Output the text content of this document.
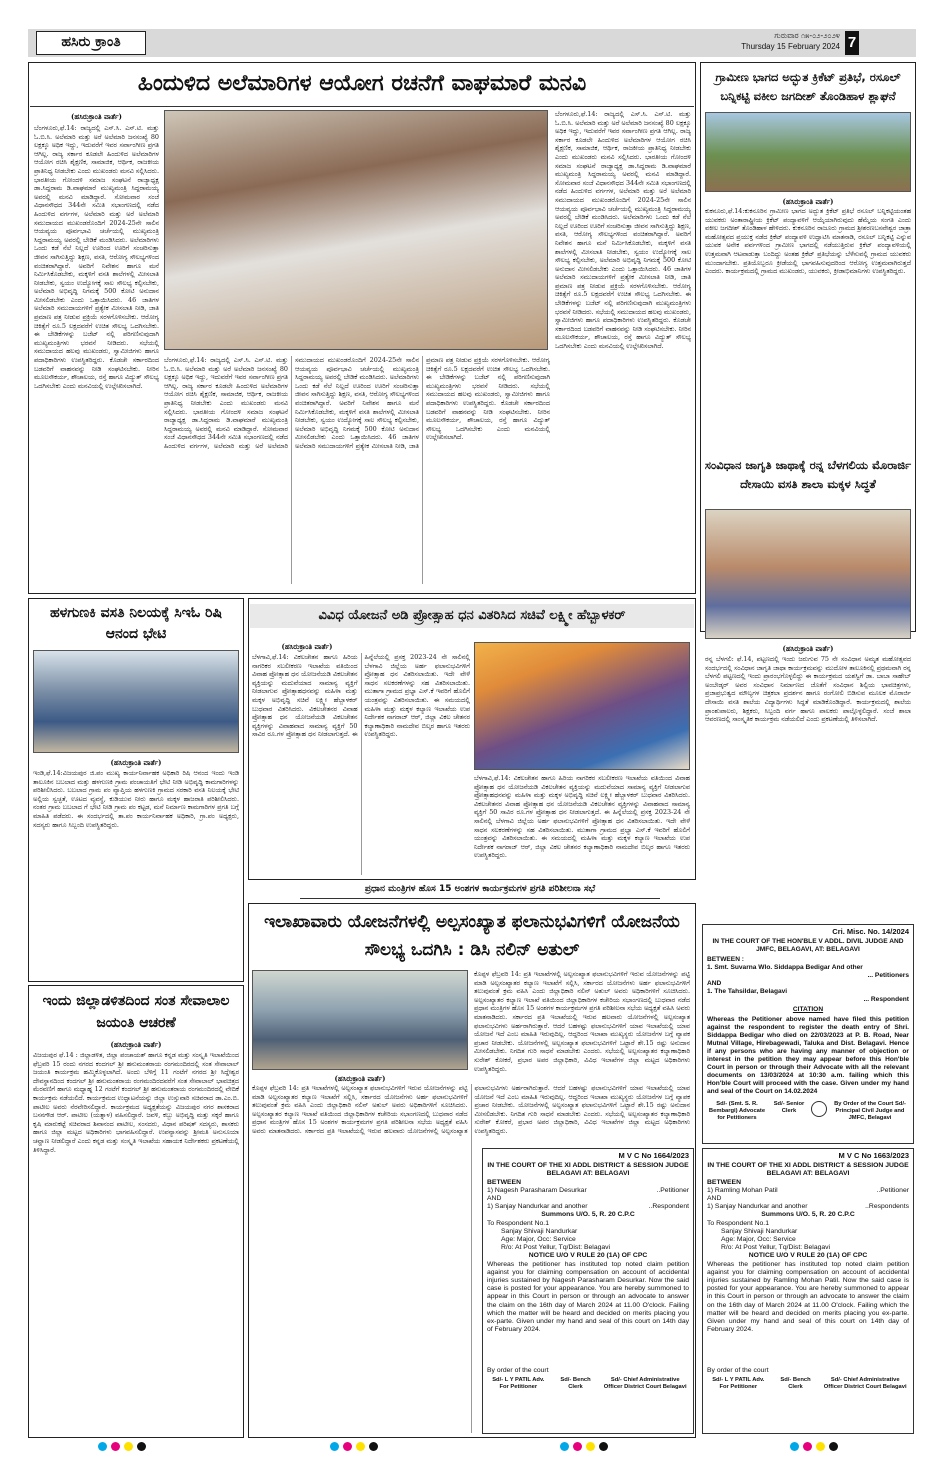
ಹಸಿರು ಕ್ರಾಂತಿ	ಗುರುವಾರ ೧೫-೦೨-೨೦೨೪
Thursday 15 February 2024 7
ಹಿಂದುಳಿದ ಅಲೆಮಾರಿಗಳ ಆಯೋಗ ರಚನೆಗೆ ವಾಘಮಾರೆ ಮನವಿ
(ಹಸಿರುಕ್ರಾಂತಿ ವಾರ್ತೆ)
ಬೆಂಗಳೂರು,ಫೆ.14: ರಾಜ್ಯದಲ್ಲಿ ಎಸ್.ಸಿ. ಎಸ್.ಟಿ. ಮತ್ತು ಓ.ಬಿ.ಸಿ. ಅಲೆಮಾರಿ ಮತ್ತು ಅರೆ ಅಲೆಮಾರಿ ಜನಸಂಖ್ಯೆ 80 ಲಕ್ಷಕ್ಕೂ ಅಧಿಕ ಇದ್ದು, ಇದುವರೆಗೆ ಇವರ ಸರ್ವಾಂಗೀಣ ಪ್ರಗತಿ ಆಗಿಲ್ಲ. ರಾಜ್ಯ ಸರ್ಕಾರ ಕೂಡಲೇ ಹಿಂದುಳಿದ ಅಲೆಮಾರಿಗಳ ಆಯೋಗ ರಚಿಸಿ ಶೈಕ್ಷಣಿಕ, ಸಾಮಾಜಿಕ, ಆರ್ಥಿಕ, ರಾಜಕೀಯ ಪ್ರಾತಿನಿಧ್ಯ ನೀಡಬೇಕು ಎಂದು ಮುಖಂಡರು ಮನವಿ ಸಲ್ಲಿಸಿದರು. ಭಾರತೀಯ ಗೋಂದಳಿ ಸಮಾಜ ಸಂಘಟನೆ ರಾಜ್ಯಾಧ್ಯಕ್ಷ ಡಾ.ಸಿದ್ದರಾಮ ಡಿ.ವಾಘಮಾರೆ ಮುಖ್ಯಮಂತ್ರಿ ಸಿದ್ದರಾಮಯ್ಯ ಅವರಲ್ಲಿ ಮನವಿ ಮಾಡಿದ್ದಾರೆ. ಸೋಮವಾರ ಸಂಜೆ ವಿಧಾನಸೌಧದ 344ನೇ ಸಮಿತಿ ಸಭಾಂಗಣದಲ್ಲಿ ನಡೆದ ಹಿಂದುಳಿದ ವರ್ಗಗಳ, ಅಲೆಮಾರಿ ಮತ್ತು ಅರೆ ಅಲೆಮಾರಿ ಸಮುದಾಯದ ಮುಖಂಡರೊಂದಿಗೆ 2024-25ನೇ ಸಾಲಿನ ಆಯವ್ಯಯ ಪೂರ್ವಭಾವಿ ಚರ್ಚೆಯಲ್ಲಿ ಮುಖ್ಯಮಂತ್ರಿ ಸಿದ್ದರಾಮಯ್ಯ ಅವರಲ್ಲಿ ಬೇಡಿಕೆ ಮಂಡಿಸಿದರು. ಅಲೆಮಾರಿಗಳು ಒಂದು ಕಡೆ ನೆಲೆ ನಿಲ್ಲದೆ ಊರಿಂದ ಊರಿಗೆ ಸಂಚರಿಸುತ್ತಾ ಜೀವನ ಸಾಗಿಸುತ್ತಿದ್ದು ಶಿಕ್ಷಣ, ವಸತಿ, ಆರೋಗ್ಯ ಸೌಲಭ್ಯಗಳಿಂದ ವಂಚಿತರಾಗಿದ್ದಾರೆ. ಅವರಿಗೆ ನಿವೇಶನ ಹಾಗೂ ಮನೆ ನಿರ್ಮಿಸಿಕೊಡಬೇಕು, ಮಕ್ಕಳಿಗೆ ವಸತಿ ಶಾಲೆಗಳಲ್ಲಿ ಮೀಸಲಾತಿ ನೀಡಬೇಕು, ಸ್ವಯಂ ಉದ್ಯೋಗಕ್ಕೆ ಸಾಲ ಸೌಲಭ್ಯ ಕಲ್ಪಿಸಬೇಕು, ಅಲೆಮಾರಿ ಅಭಿವೃದ್ಧಿ ನಿಗಮಕ್ಕೆ 500 ಕೋಟಿ ಅನುದಾನ ಮೀಸಲಿಡಬೇಕು ಎಂದು ಒತ್ತಾಯಿಸಿದರು. 46 ಜಾತಿಗಳ ಅಲೆಮಾರಿ ಸಮುದಾಯಗಳಿಗೆ ಪ್ರತ್ಯೇಕ ಮೀಸಲಾತಿ ನೀಡಿ, ಜಾತಿ ಪ್ರಮಾಣ ಪತ್ರ ನೀಡುವ ಪ್ರಕ್ರಿಯೆ ಸರಳಗೊಳಿಸಬೇಕು. ಆರೋಗ್ಯ ಚಿಕಿತ್ಸೆಗೆ ರೂ.5 ಲಕ್ಷದವರೆಗೆ ಉಚಿತ ಸೌಲಭ್ಯ ಒದಗಿಸಬೇಕು. ಈ ಬೇಡಿಕೆಗಳನ್ನು ಬಜೆಟ್ ನಲ್ಲಿ ಪರಿಗಣಿಸುವುದಾಗಿ ಮುಖ್ಯಮಂತ್ರಿಗಳು ಭರವಸೆ ನೀಡಿದರು. ಸಭೆಯಲ್ಲಿ ಸಮುದಾಯದ ಹಲವು ಮುಖಂಡರು, ಸ್ವಾಮೀಜಿಗಳು ಹಾಗೂ ಪದಾಧಿಕಾರಿಗಳು ಉಪಸ್ಥಿತರಿದ್ದರು. ಕೊಡಚೇ ಸರ್ಕಾರದಿಂದ ಬಡವರಿಗೆ ವಾಹನವನ್ನು ನೀಡಿ ಸಂಘಟಿಸಬೇಕು. ನೀರಿನ ಮೂಲಸೌಕರ್ಯ, ಶೌಚಾಲಯ, ರಸ್ತೆ ಹಾಗೂ ವಿದ್ಯುತ್ ಸೌಲಭ್ಯ ಒದಗಿಸಬೇಕು ಎಂದು ಮನವಿಯಲ್ಲಿ ಉಲ್ಲೇಖಿಸಲಾಗಿದೆ.
ಬೆಂಗಳೂರು,ಫೆ.14: ರಾಜ್ಯದಲ್ಲಿ ಎಸ್.ಸಿ. ಎಸ್.ಟಿ. ಮತ್ತು ಓ.ಬಿ.ಸಿ. ಅಲೆಮಾರಿ ಮತ್ತು ಅರೆ ಅಲೆಮಾರಿ ಜನಸಂಖ್ಯೆ 80 ಲಕ್ಷಕ್ಕೂ ಅಧಿಕ ಇದ್ದು, ಇದುವರೆಗೆ ಇವರ ಸರ್ವಾಂಗೀಣ ಪ್ರಗತಿ ಆಗಿಲ್ಲ. ರಾಜ್ಯ ಸರ್ಕಾರ ಕೂಡಲೇ ಹಿಂದುಳಿದ ಅಲೆಮಾರಿಗಳ ಆಯೋಗ ರಚಿಸಿ ಶೈಕ್ಷಣಿಕ, ಸಾಮಾಜಿಕ, ಆರ್ಥಿಕ, ರಾಜಕೀಯ ಪ್ರಾತಿನಿಧ್ಯ ನೀಡಬೇಕು ಎಂದು ಮುಖಂಡರು ಮನವಿ ಸಲ್ಲಿಸಿದರು. ಭಾರತೀಯ ಗೋಂದಳಿ ಸಮಾಜ ಸಂಘಟನೆ ರಾಜ್ಯಾಧ್ಯಕ್ಷ ಡಾ.ಸಿದ್ದರಾಮ ಡಿ.ವಾಘಮಾರೆ ಮುಖ್ಯಮಂತ್ರಿ ಸಿದ್ದರಾಮಯ್ಯ ಅವರಲ್ಲಿ ಮನವಿ ಮಾಡಿದ್ದಾರೆ. ಸೋಮವಾರ ಸಂಜೆ ವಿಧಾನಸೌಧದ 344ನೇ ಸಮಿತಿ ಸಭಾಂಗಣದಲ್ಲಿ ನಡೆದ ಹಿಂದುಳಿದ ವರ್ಗಗಳ, ಅಲೆಮಾರಿ ಮತ್ತು ಅರೆ ಅಲೆಮಾರಿ ಸಮುದಾಯದ ಮುಖಂಡರೊಂದಿಗೆ 2024-25ನೇ ಸಾಲಿನ ಆಯವ್ಯಯ ಪೂರ್ವಭಾವಿ ಚರ್ಚೆಯಲ್ಲಿ ಮುಖ್ಯಮಂತ್ರಿ ಸಿದ್ದರಾಮಯ್ಯ ಅವರಲ್ಲಿ ಬೇಡಿಕೆ ಮಂಡಿಸಿದರು. ಅಲೆಮಾರಿಗಳು ಒಂದು ಕಡೆ ನೆಲೆ ನಿಲ್ಲದೆ ಊರಿಂದ ಊರಿಗೆ ಸಂಚರಿಸುತ್ತಾ ಜೀವನ ಸಾಗಿಸುತ್ತಿದ್ದು ಶಿಕ್ಷಣ, ವಸತಿ, ಆರೋಗ್ಯ ಸೌಲಭ್ಯಗಳಿಂದ ವಂಚಿತರಾಗಿದ್ದಾರೆ. ಅವರಿಗೆ ನಿವೇಶನ ಹಾಗೂ ಮನೆ ನಿರ್ಮಿಸಿಕೊಡಬೇಕು, ಮಕ್ಕಳಿಗೆ ವಸತಿ ಶಾಲೆಗಳಲ್ಲಿ ಮೀಸಲಾತಿ ನೀಡಬೇಕು, ಸ್ವಯಂ ಉದ್ಯೋಗಕ್ಕೆ ಸಾಲ ಸೌಲಭ್ಯ ಕಲ್ಪಿಸಬೇಕು, ಅಲೆಮಾರಿ ಅಭಿವೃದ್ಧಿ ನಿಗಮಕ್ಕೆ 500 ಕೋಟಿ ಅನುದಾನ ಮೀಸಲಿಡಬೇಕು ಎಂದು ಒತ್ತಾಯಿಸಿದರು. 46 ಜಾತಿಗಳ ಅಲೆಮಾರಿ ಸಮುದಾಯಗಳಿಗೆ ಪ್ರತ್ಯೇಕ ಮೀಸಲಾತಿ ನೀಡಿ, ಜಾತಿ ಪ್ರಮಾಣ ಪತ್ರ ನೀಡುವ ಪ್ರಕ್ರಿಯೆ ಸರಳಗೊಳಿಸಬೇಕು. ಆರೋಗ್ಯ ಚಿಕಿತ್ಸೆಗೆ ರೂ.5 ಲಕ್ಷದವರೆಗೆ ಉಚಿತ ಸೌಲಭ್ಯ ಒದಗಿಸಬೇಕು. ಈ ಬೇಡಿಕೆಗಳನ್ನು ಬಜೆಟ್ ನಲ್ಲಿ ಪರಿಗಣಿಸುವುದಾಗಿ ಮುಖ್ಯಮಂತ್ರಿಗಳು ಭರವಸೆ ನೀಡಿದರು. ಸಭೆಯಲ್ಲಿ ಸಮುದಾಯದ ಹಲವು ಮುಖಂಡರು, ಸ್ವಾಮೀಜಿಗಳು ಹಾಗೂ ಪದಾಧಿಕಾರಿಗಳು ಉಪಸ್ಥಿತರಿದ್ದರು. ಕೊಡಚೇ ಸರ್ಕಾರದಿಂದ ಬಡವರಿಗೆ ವಾಹನವನ್ನು ನೀಡಿ ಸಂಘಟಿಸಬೇಕು. ನೀರಿನ ಮೂಲಸೌಕರ್ಯ, ಶೌಚಾಲಯ, ರಸ್ತೆ ಹಾಗೂ ವಿದ್ಯುತ್ ಸೌಲಭ್ಯ ಒದಗಿಸಬೇಕು ಎಂದು ಮನವಿಯಲ್ಲಿ ಉಲ್ಲೇಖಿಸಲಾಗಿದೆ.
ಬೆಂಗಳೂರು,ಫೆ.14: ರಾಜ್ಯದಲ್ಲಿ ಎಸ್.ಸಿ. ಎಸ್.ಟಿ. ಮತ್ತು ಓ.ಬಿ.ಸಿ. ಅಲೆಮಾರಿ ಮತ್ತು ಅರೆ ಅಲೆಮಾರಿ ಜನಸಂಖ್ಯೆ 80 ಲಕ್ಷಕ್ಕೂ ಅಧಿಕ ಇದ್ದು, ಇದುವರೆಗೆ ಇವರ ಸರ್ವಾಂಗೀಣ ಪ್ರಗತಿ ಆಗಿಲ್ಲ. ರಾಜ್ಯ ಸರ್ಕಾರ ಕೂಡಲೇ ಹಿಂದುಳಿದ ಅಲೆಮಾರಿಗಳ ಆಯೋಗ ರಚಿಸಿ ಶೈಕ್ಷಣಿಕ, ಸಾಮಾಜಿಕ, ಆರ್ಥಿಕ, ರಾಜಕೀಯ ಪ್ರಾತಿನಿಧ್ಯ ನೀಡಬೇಕು ಎಂದು ಮುಖಂಡರು ಮನವಿ ಸಲ್ಲಿಸಿದರು. ಭಾರತೀಯ ಗೋಂದಳಿ ಸಮಾಜ ಸಂಘಟನೆ ರಾಜ್ಯಾಧ್ಯಕ್ಷ ಡಾ.ಸಿದ್ದರಾಮ ಡಿ.ವಾಘಮಾರೆ ಮುಖ್ಯಮಂತ್ರಿ ಸಿದ್ದರಾಮಯ್ಯ ಅವರಲ್ಲಿ ಮನವಿ ಮಾಡಿದ್ದಾರೆ. ಸೋಮವಾರ ಸಂಜೆ ವಿಧಾನಸೌಧದ 344ನೇ ಸಮಿತಿ ಸಭಾಂಗಣದಲ್ಲಿ ನಡೆದ ಹಿಂದುಳಿದ ವರ್ಗಗಳ, ಅಲೆಮಾರಿ ಮತ್ತು ಅರೆ ಅಲೆಮಾರಿ ಸಮುದಾಯದ ಮುಖಂಡರೊಂದಿಗೆ 2024-25ನೇ ಸಾಲಿನ ಆಯವ್ಯಯ ಪೂರ್ವಭಾವಿ ಚರ್ಚೆಯಲ್ಲಿ ಮುಖ್ಯಮಂತ್ರಿ ಸಿದ್ದರಾಮಯ್ಯ ಅವರಲ್ಲಿ ಬೇಡಿಕೆ ಮಂಡಿಸಿದರು. ಅಲೆಮಾರಿಗಳು ಒಂದು ಕಡೆ ನೆಲೆ ನಿಲ್ಲದೆ ಊರಿಂದ ಊರಿಗೆ ಸಂಚರಿಸುತ್ತಾ ಜೀವನ ಸಾಗಿಸುತ್ತಿದ್ದು ಶಿಕ್ಷಣ, ವಸತಿ, ಆರೋಗ್ಯ ಸೌಲಭ್ಯಗಳಿಂದ ವಂಚಿತರಾಗಿದ್ದಾರೆ. ಅವರಿಗೆ ನಿವೇಶನ ಹಾಗೂ ಮನೆ ನಿರ್ಮಿಸಿಕೊಡಬೇಕು, ಮಕ್ಕಳಿಗೆ ವಸತಿ ಶಾಲೆಗಳಲ್ಲಿ ಮೀಸಲಾತಿ ನೀಡಬೇಕು, ಸ್ವಯಂ ಉದ್ಯೋಗಕ್ಕೆ ಸಾಲ ಸೌಲಭ್ಯ ಕಲ್ಪಿಸಬೇಕು, ಅಲೆಮಾರಿ ಅಭಿವೃದ್ಧಿ ನಿಗಮಕ್ಕೆ 500 ಕೋಟಿ ಅನುದಾನ ಮೀಸಲಿಡಬೇಕು ಎಂದು ಒತ್ತಾಯಿಸಿದರು. 46 ಜಾತಿಗಳ ಅಲೆಮಾರಿ ಸಮುದಾಯಗಳಿಗೆ ಪ್ರತ್ಯೇಕ ಮೀಸಲಾತಿ ನೀಡಿ, ಜಾತಿ ಪ್ರಮಾಣ ಪತ್ರ ನೀಡುವ ಪ್ರಕ್ರಿಯೆ ಸರಳಗೊಳಿಸಬೇಕು. ಆರೋಗ್ಯ ಚಿಕಿತ್ಸೆಗೆ ರೂ.5 ಲಕ್ಷದವರೆಗೆ ಉಚಿತ ಸೌಲಭ್ಯ ಒದಗಿಸಬೇಕು. ಈ ಬೇಡಿಕೆಗಳನ್ನು ಬಜೆಟ್ ನಲ್ಲಿ ಪರಿಗಣಿಸುವುದಾಗಿ ಮುಖ್ಯಮಂತ್ರಿಗಳು ಭರವಸೆ ನೀಡಿದರು. ಸಭೆಯಲ್ಲಿ ಸಮುದಾಯದ ಹಲವು ಮುಖಂಡರು, ಸ್ವಾಮೀಜಿಗಳು ಹಾಗೂ ಪದಾಧಿಕಾರಿಗಳು ಉಪಸ್ಥಿತರಿದ್ದರು. ಕೊಡಚೇ ಸರ್ಕಾರದಿಂದ ಬಡವರಿಗೆ ವಾಹನವನ್ನು ನೀಡಿ ಸಂಘಟಿಸಬೇಕು. ನೀರಿನ ಮೂಲಸೌಕರ್ಯ, ಶೌಚಾಲಯ, ರಸ್ತೆ ಹಾಗೂ ವಿದ್ಯುತ್ ಸೌಲಭ್ಯ ಒದಗಿಸಬೇಕು ಎಂದು ಮನವಿಯಲ್ಲಿ ಉಲ್ಲೇಖಿಸಲಾಗಿದೆ.
ಗ್ರಾಮೀಣ ಭಾಗದ ಅದ್ಭುತ ಕ್ರಿಕೆಟ್ ಪ್ರತಿಭೆ, ರಸೂಲ್ ಬನ್ನಿಕಟ್ಟಿ ವಕೀಲ ಜಗದೀಶ್ ತೊಂಡಿಹಾಳ ಶ್ಲಾಘನೆ
(ಹಸಿರುಕ್ರಾಂತಿ ವಾರ್ತೆ)
ಕುಕನೂರು,ಫೆ.14:ಕುಕನೂರಿನ ಗ್ರಾಮೀಣ ಭಾಗದ ಅದ್ಭುತ ಕ್ರಿಕೆಟ್ ಪ್ರತಿಭೆ ರಸೂಲ್ ಬನ್ನಿಕಟ್ಟಿಯಂತಹ ಯುವಕರು ಅಂತಾರಾಷ್ಟ್ರೀಯ ಕ್ರಿಕೆಟ್ ಪಂದ್ಯಾವಳಿಗೆ ಆಯ್ಕೆಯಾಗಿರುವುದು ಹೆಮ್ಮೆಯ ಸಂಗತಿ ಎಂದು ವಕೀಲ ಜಗದೀಶ್ ತೊಂಡಿಹಾಳ ಹೇಳಿದರು. ಕುಕನೂರಿನ ರಾಜೂರು ಗ್ರಾಮದ ಶ್ರೀಶರಣಬಸವೇಶ್ವರ ಜಾತ್ರಾ ಮಹೋತ್ಸವದ ಪ್ರಯುಕ್ತ ನಡೆದ ಕ್ರಿಕೆಟ್ ಪಂದ್ಯಾವಳಿ ಉದ್ಘಾಟಿಸಿ ಮಾತನಾಡಿ, ರಸೂಲ್ ಬನ್ನಿಕಟ್ಟಿ ಎನ್ನುವ ಯುವಕ ಅನೇಕ ಪರ್ವಗಳಿಂದ ಗ್ರಾಮೀಣ ಭಾಗದಲ್ಲಿ ನಡೆಯುತ್ತಿರುವ ಕ್ರಿಕೆಟ್ ಪಂದ್ಯಾವಳಿಯಲ್ಲಿ ಉತ್ತಮವಾಗಿ ಆಟವಾಡುತ್ತಾ ಬಂದಿದ್ದು ಅಂತಹ ಕ್ರಿಕೆಟ್ ಪ್ರತಿಭೆಯನ್ನು ಬೆಳೆಸುವಲ್ಲಿ ಗ್ರಾಮದ ಯುವಕರು ಮುಂದಾಗಬೇಕು. ಪ್ರತಿಯೊಬ್ಬರೂ ಕ್ರೀಡೆಯಲ್ಲಿ ಭಾಗವಹಿಸುವುದರಿಂದ ಆರೋಗ್ಯ ಉತ್ತಮವಾಗಿರುತ್ತದೆ ಎಂದರು. ಕಾರ್ಯಕ್ರಮದಲ್ಲಿ ಗ್ರಾಮದ ಮುಖಂಡರು, ಯುವಕರು, ಕ್ರೀಡಾಭಿಮಾನಿಗಳು ಉಪಸ್ಥಿತರಿದ್ದರು.
ಸಂವಿಧಾನ ಜಾಗೃತಿ ಜಾಥಾಕ್ಕೆ ರನ್ನ ಬೆಳಗಲಿಯ ಮೊರಾರ್ಜಿ ದೇಸಾಯಿ ವಸತಿ ಶಾಲಾ ಮಕ್ಕಳ ಸಿದ್ಧತೆ
(ಹಸಿರುಕ್ರಾಂತಿ ವಾರ್ತೆ)
ರನ್ನ ಬೆಳಗಲಿ: ಫೆ.14, ಪಟ್ಟಣದಲ್ಲಿ ಇಂದು ಜರುಗುವ 75 ನೇ ಸಂವಿಧಾನ ಅಮೃತ ಮಹೋತ್ಸವದ ಸಂದರ್ಭದಲ್ಲಿ ಸಂವಿಧಾನ ಜಾಗೃತಿ ಜಾಥಾ ಕಾರ್ಯಕ್ರಮವನ್ನು ಮುದೋಳ ತಾಲೂಕಿನಲ್ಲಿ ಪ್ರಥಮವಾಗಿ ರನ್ನ ಬೆಳಗಲಿ ಪಟ್ಟಣದಲ್ಲಿ ಇಂದು ಪ್ರಾರಂಭಗೊಳ್ಳಲಿದ್ದು ಈ ಕಾರ್ಯಕ್ರಮದ ಯಶಸ್ವಿಗೆ ಡಾ. ಬಾಬಾ ಸಾಹೇಬ್ ಅಂಬೇಡ್ಕರ್ ಅವರ ಸಂವಿಧಾನ ನಿರ್ಮಾಣದ ಜೊತೆಗೆ ಸಂವಿಧಾನ ಶಿಲ್ಪಿಯ ಭಾವಚಿತ್ರಗಳು, ಪ್ರಜಾಪ್ರಭುತ್ವದ ಮೌಲ್ಯಗಳ ಚಿತ್ರಕಲಾ ಪ್ರದರ್ಶನ ಹಾಗೂ ರಂಗೋಲಿ ಬಿಡಿಸುವ ಮೂಲಕ ಮೊರಾರ್ಜಿ ದೇಸಾಯಿ ವಸತಿ ಶಾಲೆಯ ವಿದ್ಯಾರ್ಥಿಗಳು ಸಿದ್ಧತೆ ಮಾಡಿಕೊಂಡಿದ್ದಾರೆ. ಕಾರ್ಯಕ್ರಮದಲ್ಲಿ ಶಾಲೆಯ ಪ್ರಾಂಶುಪಾಲರು, ಶಿಕ್ಷಕರು, ಸಿಬ್ಬಂದಿ ವರ್ಗ ಹಾಗೂ ಪಾಲಕರು ಪಾಲ್ಗೊಳ್ಳಲಿದ್ದಾರೆ. ಸಂಜೆ ಶಾಲಾ ಆವರಣದಲ್ಲಿ ಸಾಂಸ್ಕೃತಿಕ ಕಾರ್ಯಕ್ರಮ ನಡೆಯಲಿದೆ ಎಂದು ಪ್ರಕಟಣೆಯಲ್ಲಿ ತಿಳಿಸಲಾಗಿದೆ.
ಹಳಗುಣಕಿ ವಸತಿ ನಿಲಯಕ್ಕೆ ಸಿಇಓ ರಿಷಿ ಆನಂದ ಭೇಟಿ
(ಹಸಿರುಕ್ರಾಂತಿ ವಾರ್ತೆ)
ಇಂಡಿ,ಫೆ.14:ವಿಜಯಪುರ ಜಿ.ಪಂ ಮುಖ್ಯ ಕಾರ್ಯನಿರ್ವಾಹಕ ಅಧಿಕಾರಿ ರಿಷಿ ಆನಂದ ಇಂದು ಇಂಡಿ ತಾಲೂಕಿನ ಬಬಲಾದ ಮತ್ತು ಹಳಗುಣಕಿ ಗ್ರಾಮ ಪಂಚಾಯತಿಗೆ ಭೇಟಿ ನೀಡಿ ಅಭಿವೃದ್ಧಿ ಕಾಮಗಾರಿಗಳನ್ನು ಪರಿಶೀಲಿಸಿದರು. ಬಬಲಾದ ಗ್ರಾಮ ಪಂ ವ್ಯಾಪ್ತಿಯ ಹಳಗುಣಕಿ ಗ್ರಾಮದ ಸರಕಾರಿ ವಸತಿ ನಿಲಯಕ್ಕೆ ಭೇಟಿ ಅಲ್ಲಿಯ ಸ್ವಚ್ಛತೆ, ಊಟದ ವ್ಯವಸ್ಥೆ, ಕುಡಿಯುವ ನೀರು ಹಾಗೂ ಮಕ್ಕಳ ಹಾಜರಾತಿ ಪರಿಶೀಲಿಸಿದರು. ನಂತರ ಗ್ರಾಮ ಬಬಲಾದ ಗೆ ಭೇಟಿ ನೀಡಿ ಗ್ರಾಮ ಪಂ ಕಟ್ಟಡ, ಮನೆ ನಿರ್ಮಾಣ ಕಾಮಗಾರಿಗಳ ಪ್ರಗತಿ ಬಗ್ಗೆ ಮಾಹಿತಿ ಪಡೆದರು. ಈ ಸಂದರ್ಭದಲ್ಲಿ ತಾ.ಪಂ ಕಾರ್ಯನಿರ್ವಾಹಕ ಅಧಿಕಾರಿ, ಗ್ರಾ.ಪಂ ಅಧ್ಯಕ್ಷರು, ಸದಸ್ಯರು ಹಾಗೂ ಸಿಬ್ಬಂದಿ ಉಪಸ್ಥಿತರಿದ್ದರು.
ಇಂದು ಜಿಲ್ಲಾಡಳಿತದಿಂದ ಸಂತ ಸೇವಾಲಾಲ ಜಯಂತಿ ಆಚರಣೆ
(ಹಸಿರುಕ್ರಾಂತಿ ವಾರ್ತೆ)
ವಿಜಯಪುರ ಫೆ.14 : ಜಿಲ್ಲಾಡಳಿತ, ಜಿಲ್ಲಾ ಪಂಚಾಯತ್ ಹಾಗೂ ಕನ್ನಡ ಮತ್ತು ಸಂಸ್ಕೃತಿ ಇಲಾಖೆಯಿಂದ ಫೆಬ್ರವರಿ 15 ರಂದು ನಗರದ ಕಂದಗಲ್ ಶ್ರೀ ಹನುಮಂತರಾಯ ರಂಗಮಂದಿರದಲ್ಲಿ ಸಂತ ಸೇವಾಲಾಲ್ ಜಯಂತಿ ಕಾರ್ಯಕ್ರಮ ಹಮ್ಮಿಕೊಳ್ಳಲಾಗಿದೆ. ಅಂದು ಬೆಳಿಗ್ಗೆ 11 ಗಂಟೆಗೆ ನಗರದ ಶ್ರೀ ಸಿದ್ದೇಶ್ವರ ದೇವಸ್ಥಾನದಿಂದ ಕಂದಗಲ್ ಶ್ರೀ ಹನುಮಂತರಾಯ ರಂಗಮಂದಿರದವರೆಗೆ ಸಂತ ಸೇವಾಲಾಲ್ ಭಾವಚಿತ್ರದ ಮೆರವಣಿಗೆ ಹಾಗೂ ಮಧ್ಯಾಹ್ನ 12 ಗಂಟೆಗೆ ಕಂದಗಲ್ ಶ್ರೀ ಹನುಮಂತರಾಯ ರಂಗಮಂದಿರದಲ್ಲಿ ವೇದಿಕೆ ಕಾರ್ಯಕ್ರಮ ನಡೆಯಲಿದೆ. ಕಾರ್ಯಕ್ರಮದ ಉದ್ಘಾಟನೆಯನ್ನು ಜಿಲ್ಲಾ ಉಸ್ತುವಾರಿ ಸಚಿವರಾದ ಡಾ.ಎಂ.ಬಿ. ಪಾಟೀಲ ಅವರು ನೆರವೇರಿಸಲಿದ್ದಾರೆ. ಕಾರ್ಯಕ್ರಮದ ಅಧ್ಯಕ್ಷತೆಯನ್ನು ವಿಜಯಪುರ ನಗರ ಶಾಸಕರಾದ ಬಸನಗೌಡ ಆರ್. ಪಾಟೀಲ (ಯತ್ನಾಳ) ವಹಿಸಲಿದ್ದಾರೆ. ಜವಳಿ, ಕಬ್ಬು ಅಭಿವೃದ್ಧಿ ಮತ್ತು ಸಕ್ಕರೆ ಹಾಗೂ ಕೃಷಿ ಮಾರುಕಟ್ಟೆ ಸಚಿವರಾದ ಶಿವಾನಂದ ಪಾಟೀಲ, ಸಂಸದರು, ವಿಧಾನ ಪರಿಷತ್ ಸದಸ್ಯರು, ಶಾಸಕರು ಹಾಗೂ ಜಿಲ್ಲಾ ಮಟ್ಟದ ಅಧಿಕಾರಿಗಳು ಭಾಗವಹಿಸಲಿದ್ದಾರೆ. ಉಪನ್ಯಾಸವನ್ನು ಶ್ರೀಮತಿ ಅನುಸೂಯಾ ಚವ್ಹಾಣ ನೀಡಲಿದ್ದಾರೆ ಎಂದು ಕನ್ನಡ ಮತ್ತು ಸಂಸ್ಕೃತಿ ಇಲಾಖೆಯ ಸಹಾಯಕ ನಿರ್ದೇಶಕರು ಪ್ರಕಟಣೆಯಲ್ಲಿ ತಿಳಿಸಿದ್ದಾರೆ.
ವಿವಿಧ ಯೋಜನೆ ಅಡಿ ಪ್ರೋತ್ಸಾಹ ಧನ ವಿತರಿಸಿದ ಸಚಿವೆ ಲಕ್ಷ್ಮೀ ಹೆಬ್ಬಾಳಕರ್
(ಹಸಿರುಕ್ರಾಂತಿ ವಾರ್ತೆ)
ಬೆಳಗಾವಿ,ಫೆ.14: ವಿಕಲಚೇತನ ಹಾಗೂ ಹಿರಿಯ ನಾಗರಿಕರ ಸಬಲೀಕರಣ ಇಲಾಖೆಯ ವತಿಯಿಂದ ವಿವಾಹ ಪ್ರೋತ್ಸಾಹ ಧನ ಯೋಜನೆಯಡಿ ವಿಕಲಚೇತನ ವ್ಯಕ್ತಿಯನ್ನು ಮದುವೆಯಾದ ಸಾಮಾನ್ಯ ವ್ಯಕ್ತಿಗೆ ನೀಡಲಾಗುವ ಪ್ರೋತ್ಸಾಹಧನವನ್ನು ಮಹಿಳಾ ಮತ್ತು ಮಕ್ಕಳ ಅಭಿವೃದ್ಧಿ ಸಚಿವೆ ಲಕ್ಷ್ಮೀ ಹೆಬ್ಬಾಳಕರ್ ಬುಧವಾರ ವಿತರಿಸಿದರು. ವಿಕಲಚೇತನರ ವಿವಾಹ ಪ್ರೋತ್ಸಾಹ ಧನ ಯೋಜನೆಯಡಿ ವಿಕಲಚೇತನ ವ್ಯಕ್ತಿಗಳನ್ನು ವಿವಾಹವಾದ ಸಾಮಾನ್ಯ ವ್ಯಕ್ತಿಗೆ 50 ಸಾವಿರ ರೂ.ಗಳ ಪ್ರೋತ್ಸಾಹ ಧನ ನೀಡಲಾಗುತ್ತದೆ. ಈ ಹಿನ್ನೆಲೆಯಲ್ಲಿ ಪ್ರಸಕ್ತ 2023-24 ನೇ ಸಾಲಿನಲ್ಲಿ ಬೆಳಗಾವಿ ಜಿಲ್ಲೆಯ ಅರ್ಹ ಫಲಾನುಭವಿಗಳಿಗೆ ಪ್ರೋತ್ಸಾಹ ಧನ ವಿತರಿಸಲಾಯಿತು. ಇದೇ ವೇಳೆ ಸಾಧನ ಸಲಕರಣೆಗಳನ್ನು ಸಹ ವಿತರಿಸಲಾಯಿತು. ಮುತಾಗಾ ಗ್ರಾಮದ ಪ್ರಭ್ಯಾ ಎಸ್.ಕೆ ಇವರಿಗೆ ಹೊಲಿಗೆ ಯಂತ್ರವನ್ನು ವಿತರಿಸಲಾಯಿತು. ಈ ಸಮಯದಲ್ಲಿ ಮಹಿಳಾ ಮತ್ತು ಮಕ್ಕಳ ಕಲ್ಯಾಣ ಇಲಾಖೆಯ ಉಪ ನಿರ್ದೇಶಕ ನಾಗರಾಜ್ ಆರ್, ಜಿಲ್ಲಾ ವಿಕಲ ಚೇತನರ ಕಲ್ಯಾಣಾಧಿಕಾರಿ ನಾಮದೇವ ಬಿಲ್ಕರ ಹಾಗೂ ಇತರರು ಉಪಸ್ಥಿತರಿದ್ದರು.
ಬೆಳಗಾವಿ,ಫೆ.14: ವಿಕಲಚೇತನ ಹಾಗೂ ಹಿರಿಯ ನಾಗರಿಕರ ಸಬಲೀಕರಣ ಇಲಾಖೆಯ ವತಿಯಿಂದ ವಿವಾಹ ಪ್ರೋತ್ಸಾಹ ಧನ ಯೋಜನೆಯಡಿ ವಿಕಲಚೇತನ ವ್ಯಕ್ತಿಯನ್ನು ಮದುವೆಯಾದ ಸಾಮಾನ್ಯ ವ್ಯಕ್ತಿಗೆ ನೀಡಲಾಗುವ ಪ್ರೋತ್ಸಾಹಧನವನ್ನು ಮಹಿಳಾ ಮತ್ತು ಮಕ್ಕಳ ಅಭಿವೃದ್ಧಿ ಸಚಿವೆ ಲಕ್ಷ್ಮೀ ಹೆಬ್ಬಾಳಕರ್ ಬುಧವಾರ ವಿತರಿಸಿದರು. ವಿಕಲಚೇತನರ ವಿವಾಹ ಪ್ರೋತ್ಸಾಹ ಧನ ಯೋಜನೆಯಡಿ ವಿಕಲಚೇತನ ವ್ಯಕ್ತಿಗಳನ್ನು ವಿವಾಹವಾದ ಸಾಮಾನ್ಯ ವ್ಯಕ್ತಿಗೆ 50 ಸಾವಿರ ರೂ.ಗಳ ಪ್ರೋತ್ಸಾಹ ಧನ ನೀಡಲಾಗುತ್ತದೆ. ಈ ಹಿನ್ನೆಲೆಯಲ್ಲಿ ಪ್ರಸಕ್ತ 2023-24 ನೇ ಸಾಲಿನಲ್ಲಿ ಬೆಳಗಾವಿ ಜಿಲ್ಲೆಯ ಅರ್ಹ ಫಲಾನುಭವಿಗಳಿಗೆ ಪ್ರೋತ್ಸಾಹ ಧನ ವಿತರಿಸಲಾಯಿತು. ಇದೇ ವೇಳೆ ಸಾಧನ ಸಲಕರಣೆಗಳನ್ನು ಸಹ ವಿತರಿಸಲಾಯಿತು. ಮುತಾಗಾ ಗ್ರಾಮದ ಪ್ರಭ್ಯಾ ಎಸ್.ಕೆ ಇವರಿಗೆ ಹೊಲಿಗೆ ಯಂತ್ರವನ್ನು ವಿತರಿಸಲಾಯಿತು. ಈ ಸಮಯದಲ್ಲಿ ಮಹಿಳಾ ಮತ್ತು ಮಕ್ಕಳ ಕಲ್ಯಾಣ ಇಲಾಖೆಯ ಉಪ ನಿರ್ದೇಶಕ ನಾಗರಾಜ್ ಆರ್, ಜಿಲ್ಲಾ ವಿಕಲ ಚೇತನರ ಕಲ್ಯಾಣಾಧಿಕಾರಿ ನಾಮದೇವ ಬಿಲ್ಕರ ಹಾಗೂ ಇತರರು ಉಪಸ್ಥಿತರಿದ್ದರು.
ಪ್ರಧಾನ ಮಂತ್ರಿಗಳ ಹೊಸ 15 ಅಂಶಗಳ ಕಾರ್ಯಕ್ರಮಗಳ ಪ್ರಗತಿ ಪರಿಶೀಲನಾ ಸಭೆ
ಇಲಾಖಾವಾರು ಯೋಜನೆಗಳಲ್ಲಿ ಅಲ್ಪಸಂಖ್ಯಾತ ಫಲಾನುಭವಿಗಳಿಗೆ ಯೋಜನೆಯ ಸೌಲಭ್ಯ ಒದಗಿಸಿ : ಡಿಸಿ ನಲಿನ್ ಅತುಲ್
(ಹಸಿರುಕ್ರಾಂತಿ ವಾರ್ತೆ)
ಕೊಪ್ಪಳ ಫೆಬ್ರವರಿ 14: ಪ್ರತಿ ಇಲಾಖೆಗಳಲ್ಲಿ ಅಲ್ಪಸಂಖ್ಯಾತ ಫಲಾನುಭವಿಗಳಿಗೆ ಇರುವ ಯೋಜನೆಗಳನ್ನು ಪಟ್ಟಿ ಮಾಡಿ ಅಲ್ಪಸಂಖ್ಯಾತರ ಕಲ್ಯಾಣ ಇಲಾಖೆಗೆ ಸಲ್ಲಿಸಿ, ಸರ್ಕಾರದ ಯೋಜನೆಗಳು ಅರ್ಹ ಫಲಾನುಭವಿಗಳಿಗೆ ತಲುಪುವಂತೆ ಕ್ರಮ ವಹಿಸಿ ಎಂದು ಜಿಲ್ಲಾಧಿಕಾರಿ ನಲಿನ್ ಅತುಲ್ ಅವರು ಅಧಿಕಾರಿಗಳಿಗೆ ಸೂಚಿಸಿದರು. ಅಲ್ಪಸಂಖ್ಯಾತರ ಕಲ್ಯಾಣ ಇಲಾಖೆ ವತಿಯಿಂದ ಜಿಲ್ಲಾಧಿಕಾರಿಗಳ ಕಚೇರಿಯ ಸಭಾಂಗಣದಲ್ಲಿ ಬುಧವಾರ ನಡೆದ ಪ್ರಧಾನ ಮಂತ್ರಿಗಳ ಹೊಸ 15 ಅಂಶಗಳ ಕಾರ್ಯಕ್ರಮಗಳ ಪ್ರಗತಿ ಪರಿಶೀಲನಾ ಸಭೆಯ ಅಧ್ಯಕ್ಷತೆ ವಹಿಸಿ ಅವರು ಮಾತನಾಡಿದರು. ಸರ್ಕಾರದ ಪ್ರತಿ ಇಲಾಖೆಯಲ್ಲಿ ಇರುವ ಹಲವಾರು ಯೋಜನೆಗಳಲ್ಲಿ ಅಲ್ಪಸಂಖ್ಯಾತ ಫಲಾನುಭವಿಗಳು ಅರ್ಹರಾಗಿರುತ್ತಾರೆ. ಆದರೆ ಬಹಳಷ್ಟು ಫಲಾನುಭವಿಗಳಿಗೆ ಯಾವ ಇಲಾಖೆಯಲ್ಲಿ ಯಾವ ಯೋಜನೆ ಇದೆ ಎಂಬ ಮಾಹಿತಿ ಇರುವುದಿಲ್ಲ. ಆದ್ದರಿಂದ ಇಲಾಖಾ ಮುಖ್ಯಸ್ಥರು ಯೋಜನೆಗಳ ಬಗ್ಗೆ ವ್ಯಾಪಕ ಪ್ರಚಾರ ನೀಡಬೇಕು. ಯೋಜನೆಗಳಲ್ಲಿ ಅಲ್ಪಸಂಖ್ಯಾತ ಫಲಾನುಭವಿಗಳಿಗೆ ಒಟ್ಟಾರೆ ಶೇ.15 ರಷ್ಟು ಅನುದಾನ ಮೀಸಲಿಡಬೇಕು. ನಿಗದಿತ ಗುರಿ ಸಾಧನೆ ಮಾಡಬೇಕು ಎಂದರು. ಸಭೆಯಲ್ಲಿ ಅಲ್ಪಸಂಖ್ಯಾತರ ಕಲ್ಯಾಣಾಧಿಕಾರಿ ಸುರೇಶ್ ಕೋಕರೆ, ಪ್ರಭಾರ ಅಪರ ಜಿಲ್ಲಾಧಿಕಾರಿ, ವಿವಿಧ ಇಲಾಖೆಗಳ ಜಿಲ್ಲಾ ಮಟ್ಟದ ಅಧಿಕಾರಿಗಳು ಉಪಸ್ಥಿತರಿದ್ದರು.
ಕೊಪ್ಪಳ ಫೆಬ್ರವರಿ 14: ಪ್ರತಿ ಇಲಾಖೆಗಳಲ್ಲಿ ಅಲ್ಪಸಂಖ್ಯಾತ ಫಲಾನುಭವಿಗಳಿಗೆ ಇರುವ ಯೋಜನೆಗಳನ್ನು ಪಟ್ಟಿ ಮಾಡಿ ಅಲ್ಪಸಂಖ್ಯಾತರ ಕಲ್ಯಾಣ ಇಲಾಖೆಗೆ ಸಲ್ಲಿಸಿ, ಸರ್ಕಾರದ ಯೋಜನೆಗಳು ಅರ್ಹ ಫಲಾನುಭವಿಗಳಿಗೆ ತಲುಪುವಂತೆ ಕ್ರಮ ವಹಿಸಿ ಎಂದು ಜಿಲ್ಲಾಧಿಕಾರಿ ನಲಿನ್ ಅತುಲ್ ಅವರು ಅಧಿಕಾರಿಗಳಿಗೆ ಸೂಚಿಸಿದರು. ಅಲ್ಪಸಂಖ್ಯಾತರ ಕಲ್ಯಾಣ ಇಲಾಖೆ ವತಿಯಿಂದ ಜಿಲ್ಲಾಧಿಕಾರಿಗಳ ಕಚೇರಿಯ ಸಭಾಂಗಣದಲ್ಲಿ ಬುಧವಾರ ನಡೆದ ಪ್ರಧಾನ ಮಂತ್ರಿಗಳ ಹೊಸ 15 ಅಂಶಗಳ ಕಾರ್ಯಕ್ರಮಗಳ ಪ್ರಗತಿ ಪರಿಶೀಲನಾ ಸಭೆಯ ಅಧ್ಯಕ್ಷತೆ ವಹಿಸಿ ಅವರು ಮಾತನಾಡಿದರು. ಸರ್ಕಾರದ ಪ್ರತಿ ಇಲಾಖೆಯಲ್ಲಿ ಇರುವ ಹಲವಾರು ಯೋಜನೆಗಳಲ್ಲಿ ಅಲ್ಪಸಂಖ್ಯಾತ ಫಲಾನುಭವಿಗಳು ಅರ್ಹರಾಗಿರುತ್ತಾರೆ. ಆದರೆ ಬಹಳಷ್ಟು ಫಲಾನುಭವಿಗಳಿಗೆ ಯಾವ ಇಲಾಖೆಯಲ್ಲಿ ಯಾವ ಯೋಜನೆ ಇದೆ ಎಂಬ ಮಾಹಿತಿ ಇರುವುದಿಲ್ಲ. ಆದ್ದರಿಂದ ಇಲಾಖಾ ಮುಖ್ಯಸ್ಥರು ಯೋಜನೆಗಳ ಬಗ್ಗೆ ವ್ಯಾಪಕ ಪ್ರಚಾರ ನೀಡಬೇಕು. ಯೋಜನೆಗಳಲ್ಲಿ ಅಲ್ಪಸಂಖ್ಯಾತ ಫಲಾನುಭವಿಗಳಿಗೆ ಒಟ್ಟಾರೆ ಶೇ.15 ರಷ್ಟು ಅನುದಾನ ಮೀಸಲಿಡಬೇಕು. ನಿಗದಿತ ಗುರಿ ಸಾಧನೆ ಮಾಡಬೇಕು ಎಂದರು. ಸಭೆಯಲ್ಲಿ ಅಲ್ಪಸಂಖ್ಯಾತರ ಕಲ್ಯಾಣಾಧಿಕಾರಿ ಸುರೇಶ್ ಕೋಕರೆ, ಪ್ರಭಾರ ಅಪರ ಜಿಲ್ಲಾಧಿಕಾರಿ, ವಿವಿಧ ಇಲಾಖೆಗಳ ಜಿಲ್ಲಾ ಮಟ್ಟದ ಅಧಿಕಾರಿಗಳು ಉಪಸ್ಥಿತರಿದ್ದರು.
Cri. Misc. No. 14/2024
IN THE COURT OF THE HON'BLE V ADDL. DIVIL JUDGE AND JMFC, BELAGAVI, AT: BELAGAVI
BETWEEN :
1. Smt. Suvarna Wlo. Siddappa Bedigar And other
... Petitioners
AND
1. The Tahsildar, Belagavi
... Respondent
CITATION
Whereas the Petitioner above named have filed this petition against the respondent to register the death entry of Shri. Siddappa Bedigar who died on 22/03/2023 at P. B. Road, Near Mutnal Village, Hirebagewadi, Taluka and Dist. Belagavi. Hence if any persons who are having any manner of objection or interest in the petition they may appear before this Hon'ble Court in person or through their Advocate with all the relevant documents on 13/03/2024 at 10:30 a.m. failing which this Hon'ble Court will proceed with the case. Given under my hand and seal of the Court on 14.02.2024
Sd/- (Smt. S. R. Bembargi) Advocate for Petitioners
Sd/- Senior Clerk
By Order of the Court Sd/- Principal Civil Judge and JMFC, Belagavi
M V C No 1664/2023
IN THE COURT OF THE XI ADDL DISTRICT & SESSION JUDGE BELAGAVI AT: BELAGAVI
BETWEEN
1) Nagesh Parasharam Desurkar	..Petitioner
AND
1) Sanjay Nandurkar and another	..Respondent
Summons U/O. 5, R. 20 C.P.C
To Respondent No.1
Sanjay Shivaji Nandurkar
Age: Major, Occ: Service
R/o: At Post Yellur, Tq/Dist: Belagavi
NOTICE U/O V RULE 20 (1A) OF CPC
Whereas the petitioner has instituted top noted claim petition against you for claiming compensation on account of accidental injuries sustained by Nagesh Parasharam Desurkar. Now the said case is posted for your appearance. You are hereby summoned to appear in this Court in person or through an advocate to answer the claim on the 16th day of March 2024 at 11.00 O'clock. Failing which the matter will be heard and decided on merits placing you ex-parte. Given under my hand and seal of this court on 14th day of February 2024.
By order of the court
Sd/- L Y PATIL Adv. For Petitioner
Sd/- Bench Clerk
Sd/- Chief Administrative Officer District Court Belagavi
M V C No 1663/2023
IN THE COURT OF THE XI ADDL DISTRICT & SESSION JUDGE BELAGAVI AT: BELAGAVI
BETWEEN
1) Ramling Mohan Patil	..Petitioner
AND
1) Sanjay Nandurkar and another	..Respondents
Summons U/O. 5, R. 20 C.P.C
To Respondent No.1
Sanjay Shivaji Nandurkar
Age: Major, Occ: Service
R/o: At Post Yellur, Tq/Dist: Belagavi
NOTICE U/O V RULE 20 (1A) OF CPC
Whereas the petitioner has instituted top noted claim petition against you for claiming compensation on account of accidental injuries sustained by Ramling Mohan Patil. Now the said case is posted for your appearance. You are hereby summoned to appear in this Court in person or through an advocate to answer the claim on the 16th day of March 2024 at 11.00 O'clock. Failing which the matter will be heard and decided on merits placing you ex-parte. Given under my hand and seal of this court on 14th day of February 2024.
By order of the court
Sd/- L Y PATIL Adv. For Petitioner
Sd/- Bench Clerk
Sd/- Chief Administrative Officer District Court Belagavi
